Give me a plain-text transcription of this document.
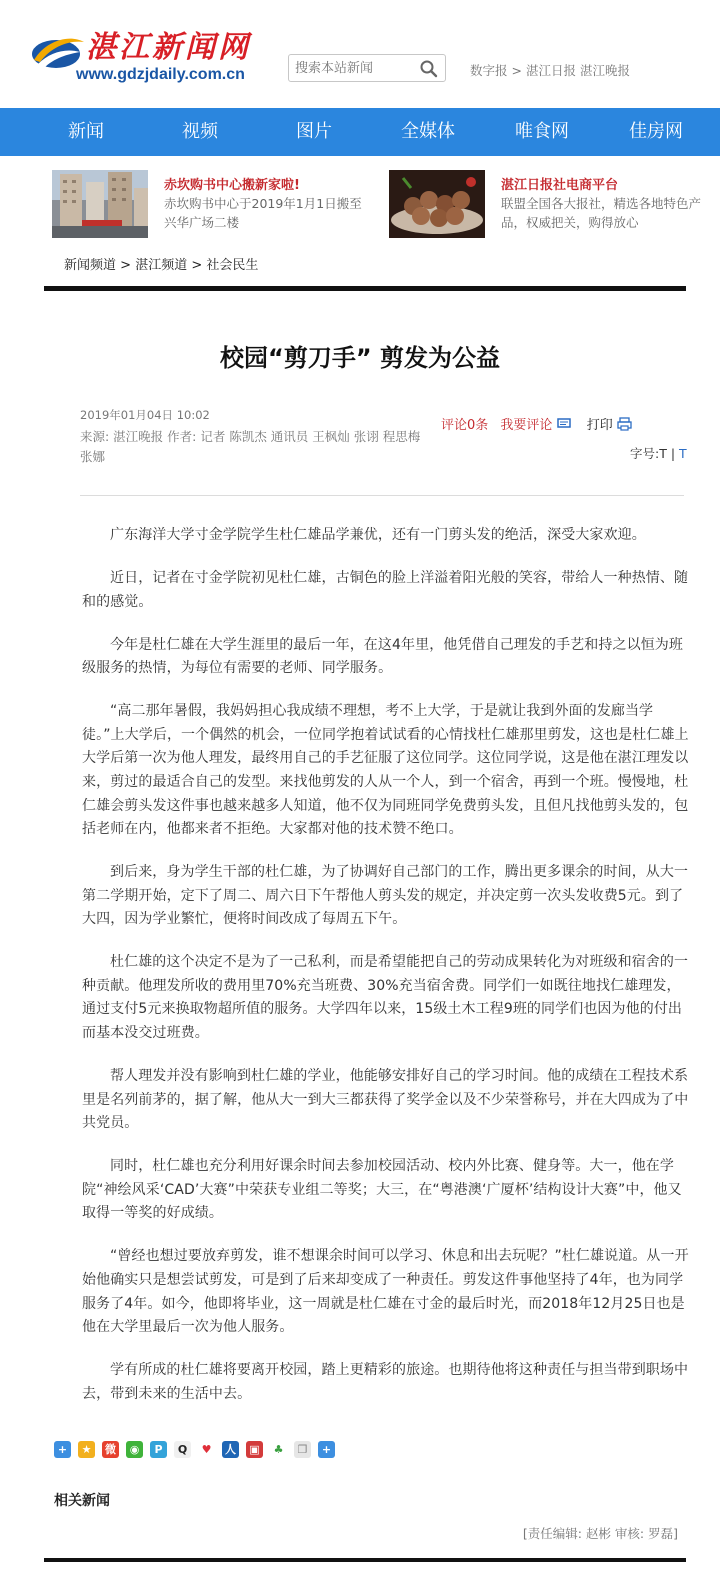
湛江新闻网
www.gdzjdaily.com.cn
搜索本站新闻	数字报 > 湛江日报 湛江晚报
新闻	视频	图片	全媒体	唯食网	佳房网
赤坎购书中心搬新家啦!
赤坎购书中心于2019年1月1日搬至兴华广场二楼
湛江日报社电商平台
联盟全国各大报社，精选各地特色产品，权威把关，购得放心
新闻频道 > 湛江频道 > 社会民生
校园“剪刀手” 剪发为公益
2019年01月04日 10:02
来源: 湛江晚报 作者: 记者 陈凯杰 通讯员 王枫灿 张诩 程思梅 张娜
评论0条 我要评论	打印
字号:T | T

广东海洋大学寸金学院学生杜仁雄品学兼优，还有一门剪头发的绝活，深受大家欢迎。

近日，记者在寸金学院初见杜仁雄，古铜色的脸上洋溢着阳光般的笑容，带给人一种热情、随和的感觉。

今年是杜仁雄在大学生涯里的最后一年，在这4年里，他凭借自己理发的手艺和持之以恒为班级服务的热情，为每位有需要的老师、同学服务。

“高二那年暑假，我妈妈担心我成绩不理想，考不上大学，于是就让我到外面的发廊当学徒。”上大学后，一个偶然的机会，一位同学抱着试试看的心情找杜仁雄那里剪发，这也是杜仁雄上大学后第一次为他人理发，最终用自己的手艺征服了这位同学。这位同学说，这是他在湛江理发以来，剪过的最适合自己的发型。来找他剪发的人从一个人，到一个宿舍，再到一个班。慢慢地，杜仁雄会剪头发这件事也越来越多人知道，他不仅为同班同学免费剪头发，且但凡找他剪头发的，包括老师在内，他都来者不拒绝。大家都对他的技术赞不绝口。

到后来，身为学生干部的杜仁雄，为了协调好自己部门的工作，腾出更多课余的时间，从大一第二学期开始，定下了周二、周六日下午帮他人剪头发的规定，并决定剪一次头发收费5元。到了大四，因为学业繁忙，便将时间改成了每周五下午。

杜仁雄的这个决定不是为了一己私利，而是希望能把自己的劳动成果转化为对班级和宿舍的一种贡献。他理发所收的费用里70%充当班费、30%充当宿舍费。同学们一如既往地找仁雄理发，通过支付5元来换取物超所值的服务。大学四年以来，15级土木工程9班的同学们也因为他的付出而基本没交过班费。

帮人理发并没有影响到杜仁雄的学业，他能够安排好自己的学习时间。他的成绩在工程技术系里是名列前茅的，据了解，他从大一到大三都获得了奖学金以及不少荣誉称号，并在大四成为了中共党员。

同时，杜仁雄也充分利用好课余时间去参加校园活动、校内外比赛、健身等。大一，他在学院“神绘风采‘CAD’大赛”中荣获专业组二等奖；大三，在“粤港澳‘广厦杯’结构设计大赛”中，他又取得一等奖的好成绩。

“曾经也想过要放弃剪发，谁不想课余时间可以学习、休息和出去玩呢？”杜仁雄说道。从一开始他确实只是想尝试剪发，可是到了后来却变成了一种责任。剪发这件事他坚持了4年，也为同学服务了4年。如今，他即将毕业，这一周就是杜仁雄在寸金的最后时光，而2018年12月25日也是他在大学里最后一次为他人服务。

学有所成的杜仁雄将要离开校园，踏上更精彩的旅途。也期待他将这种责任与担当带到职场中去，带到未来的生活中去。

+	★	微	◉	P	Q	♥	人 ▣	♣	❐	+
相关新闻
[责任编辑: 赵彬 审核: 罗磊]
